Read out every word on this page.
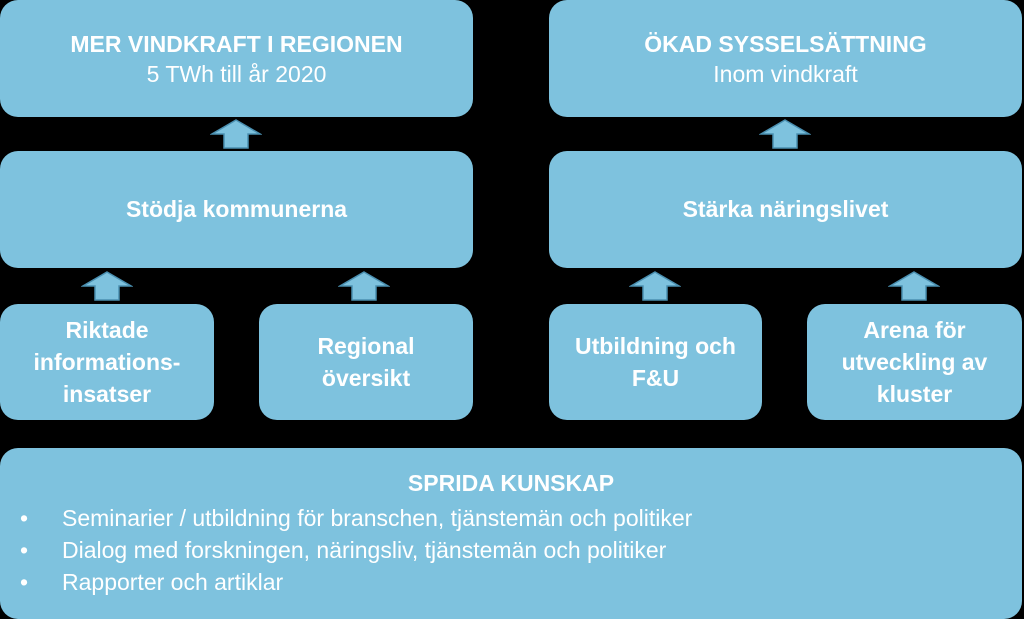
MER VINDKRAFT I REGIONEN
5 TWh till år 2020
ÖKAD SYSSELSÄTTNING
Inom vindkraft
Stödja kommunerna	Stärka näringslivet
Riktade
informations-
insatser
Regional
översikt
Utbildning och
F&U
Arena för
utveckling av
kluster
SPRIDA KUNSKAP
•	Seminarier / utbildning för branschen, tjänstemän och politiker
•	Dialog med forskningen, näringsliv, tjänstemän och politiker
•	Rapporter och artiklar
